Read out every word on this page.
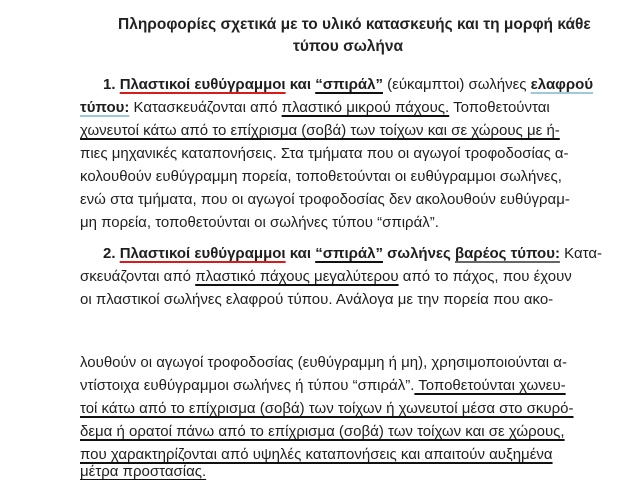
Πληροφορίες σχετικά με το υλικό κατασκευής και τη μορφή κάθε
τύπου σωλήνα
1. Πλαστικοί ευθύγραμμοι και “σπιράλ” (εύκαμπτοι) σωλήνες ελαφρού
τύπου: Κατασκευάζονται από πλαστικό μικρού πάχους. Τοποθετούνται
χωνευτοί κάτω από το επίχρισμα (σοβά) των τοίχων και σε χώρους με ή-
πιες μηχανικές καταπονήσεις. Στα τμήματα που οι αγωγοί τροφοδοσίας α-
κολουθούν ευθύγραμμη πορεία, τοποθετούνται οι ευθύγραμμοι σωλήνες,
ενώ στα τμήματα, που οι αγωγοί τροφοδοσίας δεν ακολουθούν ευθύγραμ-
μη πορεία, τοποθετούνται οι σωλήνες τύπου “σπιράλ”.
2. Πλαστικοί ευθύγραμμοι και “σπιράλ” σωλήνες βαρέος τύπου: Κατα-
σκευάζονται από πλαστικό πάχους μεγαλύτερου από το πάχος, που έχουν
οι πλαστικοί σωλήνες ελαφρού τύπου. Ανάλογα με την πορεία που ακο-
λουθούν οι αγωγοί τροφοδοσίας (ευθύγραμμη ή μη), χρησιμοποιούνται α-
ντίστοιχα ευθύγραμμοι σωλήνες ή τύπου “σπιράλ”. Τοποθετούνται χωνευ-
τοί κάτω από το επίχρισμα (σοβά) των τοίχων ή χωνευτοί μέσα στο σκυρό-
δεμα ή ορατοί πάνω από το επίχρισμα (σοβά) των τοίχων και σε χώρους,
που χαρακτηρίζονται από υψηλές καταπονήσεις και απαιτούν αυξημένα
μέτρα προστασίας.
